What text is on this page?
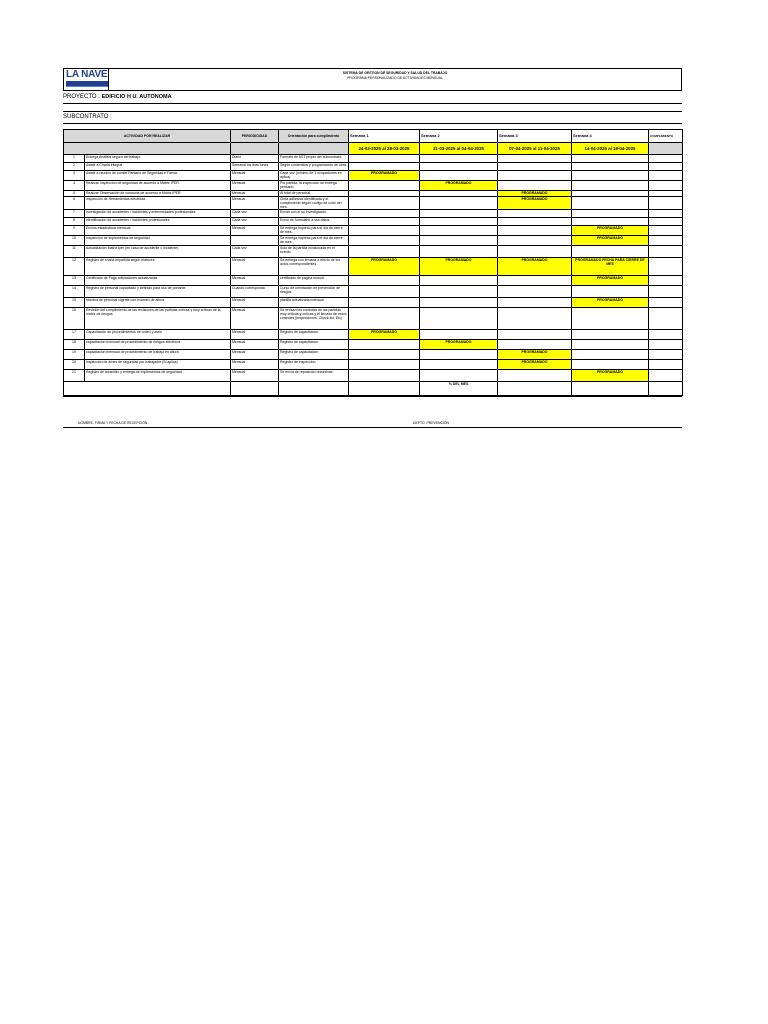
LA NAVE	SISTEMA DE GESTION DE SEGURIDAD Y SALUD DEL TRABAJO
PROGRAMA PERSONALIZADO DE ACTIVIDADES MENSUAL
PROYECTO : EDIFICIO H U. AUTONOMA
SUBCONTRATO :
ACTIVIDAD POR REALIZAR		PERIODICIDAD	Orientación para cumplimiento	Semana 1	Semana 2	Semana 3	Semana 4	CUMPLIMIENTO
				24-03-2025 al 28-03-2025	31-03-2025 al 04-04-2025	07-04-2025 al 11-04-2025	14-04-2025 al 18-04-2025	
1	Entrega Análisis seguro del trabajo.	Diario	Formato de AST propio del subcontrato.					
2	Asistir a Charla integral	Semanal los días lunes	Según contenidos y programación de obra.					
3	Asistir a reunión de comité Paritario de Seguridad e Faena.	Mensual	Cada vez (mínimo de 3 ocupaciones en aplica)	PROGRAMADO				
4	Realizar Inspección de seguridad de acuerdo a Matriz IPER.	Mensual	Por partida, la inspección se entrega pensado.		PROGRAMADO			
5	Realizar Observación de conducta de acuerdo a Matriz IPER.	Mensual	Al total de personal.			PROGRAMADO		
6	Inspección de Herramientas eléctricas	Mensual	Cinta adhesiva identificada y el cumplimiento según código de color del mes.			PROGRAMADO		
7	Investigación de accidentes / incidentes y enfermedades profesionales	Cada vez	Enviar con el su investigación.					
8	Identificación de accidentes / incidentes profesionales	Cada vez	Envío de formulario a sus datos.					
9	Envíos estadísticos mensual	Mensual	Se entrega impreso para el día de cierre de mes.				PROGRAMADO	
10	Inspección de implementos de seguridad		Se entrega impreso para el día de cierre de mes.				PROGRAMADO	
11	Actualización Matriz Iper (en caso de accidente o incidente)	Cada vez	Solo de la partida involucrada en el evento.					
12	Registro de charla impartida según matrices	Mensual	Se entrega con firmada a efecto de los actos correspondientes	PROGRAMADO	PROGRAMADO	PROGRAMADO	PROGRAMADO FECHA PARA CIERRE DE MES	
13	Certificado de Pago cotizaciones actualizadas	Mensual	certificado de pagina mutual				PROGRAMADO	
14	Registro de personal capacitado y definido para uso de portante.	Cuando corresponda	Curso de orientación en prevención de riesgos.					
15	Nómina de personal vigente con examen de altura	Mensual	planilla actualizada mensual				PROGRAMADO	
16	Revisión del cumplimiento de las revisiones de las partidas críticas y muy críticas de la matriz de riesgos	Mensual	Se revisan los controles de las partidas muy críticas y críticas y el llenado de estos controles (Inspecciones, Check list, Etc)					
17	Capacitación de procedimientos de orden y aseo	Mensual	Registro de capacitacion	PROGRAMADO				
18	capacitacion mensual de procedimiento de riesgos eléctricos	Mensual	Registro de capacitacion		PROGRAMADO			
19	capacitacion mensual de procedimiento de trabajo en altura	Mensual	Registro de capacitacion			PROGRAMADO		
20	inspección de arnes de seguridad por trabajador (Si aplica)	Mensual	Registro de inspeccion			PROGRAMADO		
21	Registro de recambio y entrega de implementos de seguridad	Mensual	Se envía de reposición recursivas				PROGRAMADO	
					% DEL MES			
NOMBRE, FIRMA Y FECHA DE RECEPCIÓN	DEPTO. PREVENCIÓN
